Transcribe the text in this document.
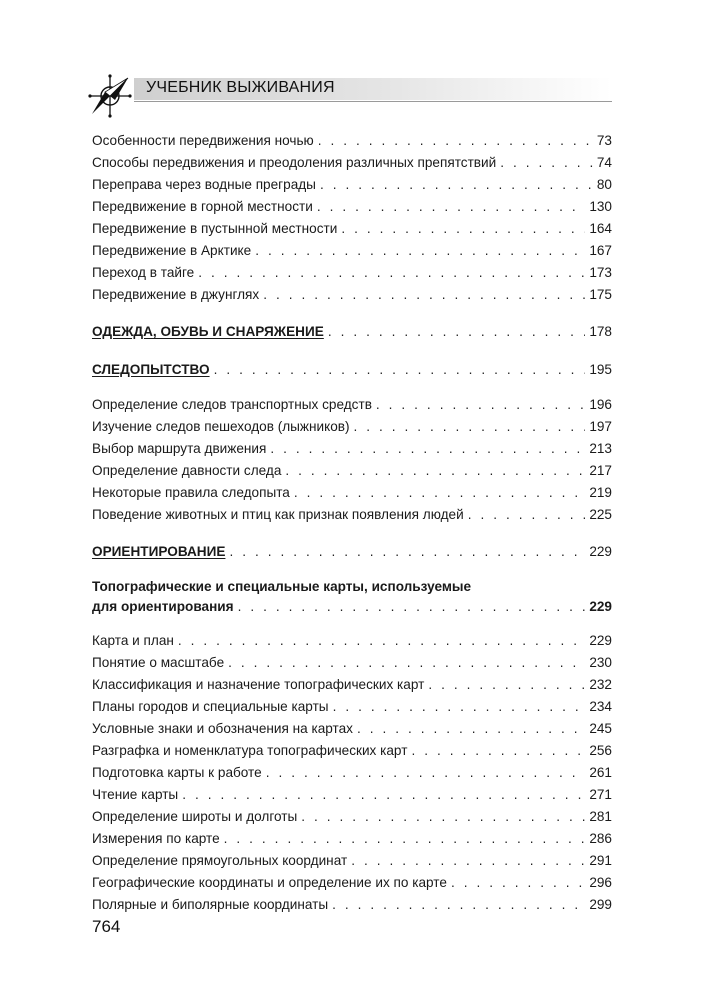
УЧЕБНИК ВЫЖИВАНИЯ
Особенности передвижения ночью . . .	73
Способы передвижения и преодоления различных препятствий . . .	74
Переправа через водные преграды . . .	80
Передвижение в горной местности . . .	130
Передвижение в пустынной местности . . .	164
Передвижение в Арктике . . .	167
Переход в тайге . . .	173
Передвижение в джунглях . . .	175
ОДЕЖДА, ОБУВЬ И СНАРЯЖЕНИЕ . . .	178
СЛЕДОПЫТСТВО . . .	195
Определение следов транспортных средств . . .	196
Изучение следов пешеходов (лыжников) . . .	197
Выбор маршрута движения . . .	213
Определение давности следа . . .	217
Некоторые правила следопыта . . .	219
Поведение животных и птиц как признак появления людей . . .	225
ОРИЕНТИРОВАНИЕ . . .	229
Топографические и специальные карты, используемые
для ориентирования . . .	229
Карта и план . . .	229
Понятие о масштабе . . .	230
Классификация и назначение топографических карт . . .	232
Планы городов и специальные карты . . .	234
Условные знаки и обозначения на картах . . .	245
Разграфка и номенклатура топографических карт . . .	256
Подготовка карты к работе . . .	261
Чтение карты . . .	271
Определение широты и долготы . . .	281
Измерения по карте . . .	286
Определение прямоугольных координат . . .	291
Географические координаты и определение их по карте . . .	296
Полярные и биполярные координаты . . .	299
764
